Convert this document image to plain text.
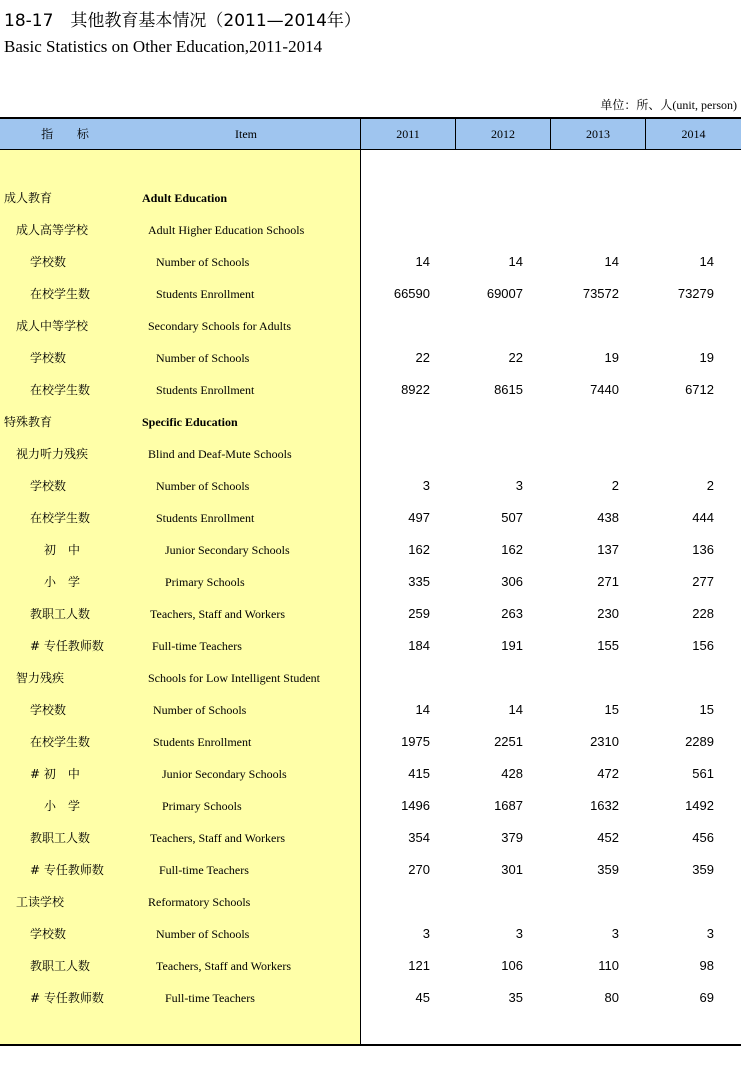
18-17　其他教育基本情况（2011—2014年）
Basic Statistics on Other Education,2011-2014
单位：所、人(unit, person)
指 标	Item	2011	2012	2013	2014
成人教育	Adult Education
成人高等学校	Adult Higher Education Schools
学校数	Number of Schools	14	14	14	14
在校学生数	Students Enrollment	66590	69007	73572	73279
成人中等学校	Secondary Schools for Adults
学校数	Number of Schools	22	22	19	19
在校学生数	Students Enrollment	8922	8615	7440	6712
特殊教育	Specific Education
视力听力残疾	Blind and Deaf-Mute Schools
学校数	Number of Schools	3	3	2	2
在校学生数	Students Enrollment	497	507	438	444
初　中	Junior Secondary Schools	162	162	137	136
小　学	Primary Schools	335	306	271	277
教职工人数	Teachers, Staff and Workers	259	263	230	228
# 专任教师数	Full-time Teachers	184	191	155	156
智力残疾	Schools for Low Intelligent Student
学校数	Number of Schools	14	14	15	15
在校学生数	Students Enrollment	1975	2251	2310	2289
# 初　中	Junior Secondary Schools	415	428	472	561
小　学	Primary Schools	1496	1687	1632	1492
教职工人数	Teachers, Staff and Workers	354	379	452	456
# 专任教师数	Full-time Teachers	270	301	359	359
工读学校	Reformatory Schools
学校数	Number of Schools	3	3	3	3
教职工人数	Teachers, Staff and Workers	121	106	110	98
# 专任教师数	Full-time Teachers	45	35	80	69
